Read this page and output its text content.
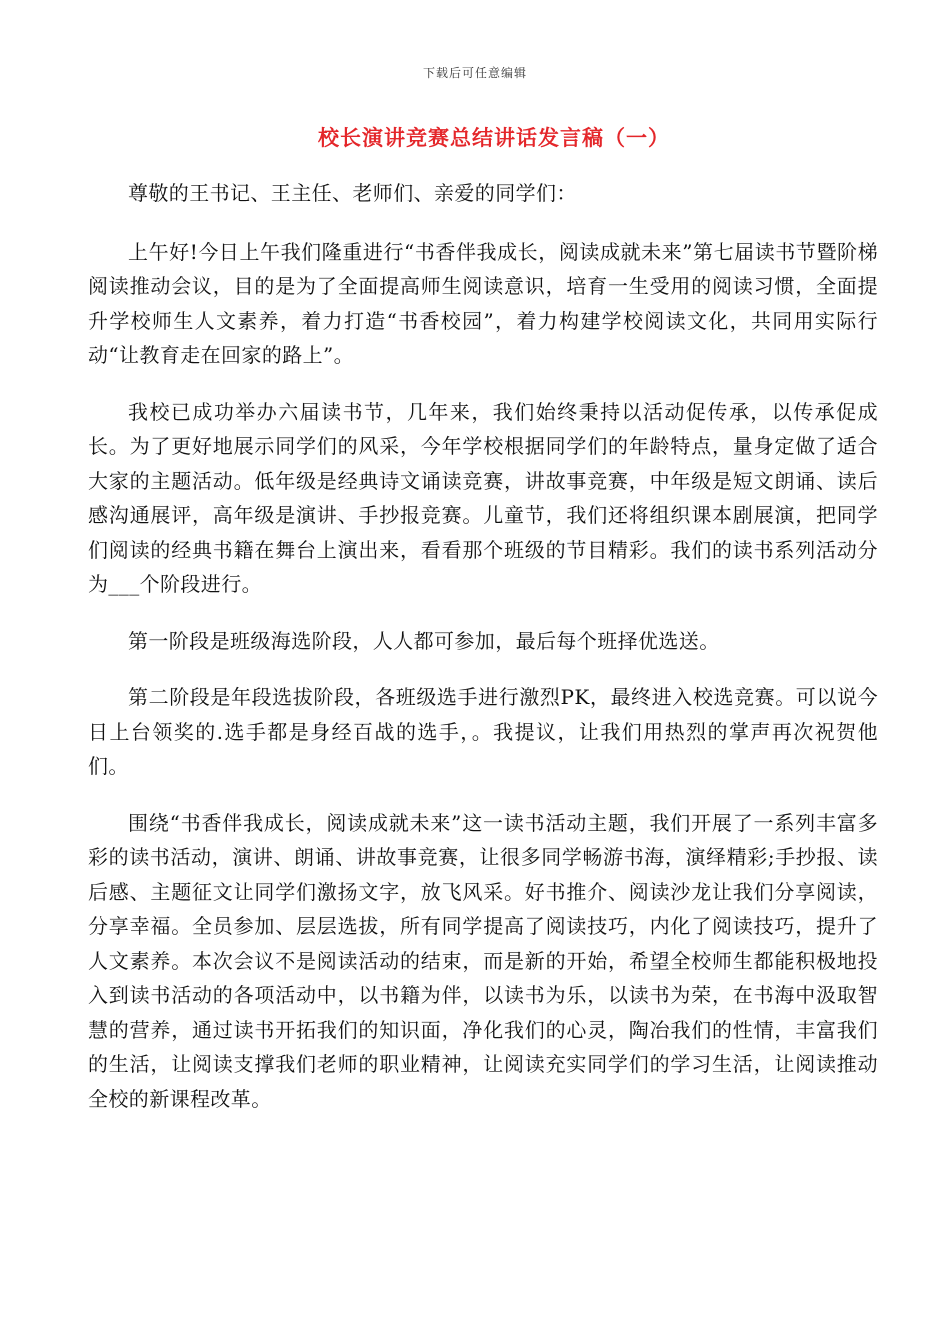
下载后可任意编辑
校长演讲竞赛总结讲话发言稿（一）

尊敬的王书记、王主任、老师们、亲爱的同学们：

上午好!今日上午我们隆重进行“书香伴我成长，阅读成就未来”第七届读书节暨阶梯阅读推动会议，目的是为了全面提高师生阅读意识，培育一生受用的阅读习惯，全面提升学校师生人文素养，着力打造“书香校园”，着力构建学校阅读文化，共同用实际行动“让教育走在回家的路上”。

我校已成功举办六届读书节，几年来，我们始终秉持以活动促传承，以传承促成长。为了更好地展示同学们的风采，今年学校根据同学们的年龄特点，量身定做了适合大家的主题活动。低年级是经典诗文诵读竞赛，讲故事竞赛，中年级是短文朗诵、读后感沟通展评，高年级是演讲、手抄报竞赛。儿童节，我们还将组织课本剧展演，把同学们阅读的经典书籍在舞台上演出来，看看那个班级的节目精彩。我们的读书系列活动分为___个阶段进行。

第一阶段是班级海选阶段，人人都可参加，最后每个班择优选送。

第二阶段是年段选拔阶段，各班级选手进行激烈PK，最终进入校选竞赛。可以说今日上台领奖的.选手都是身经百战的选手，。我提议，让我们用热烈的掌声再次祝贺他们。

围绕“书香伴我成长，阅读成就未来”这一读书活动主题，我们开展了一系列丰富多彩的读书活动，演讲、朗诵、讲故事竞赛，让很多同学畅游书海，演绎精彩;手抄报、读后感、主题征文让同学们激扬文字，放飞风采。好书推介、阅读沙龙让我们分享阅读，分享幸福。全员参加、层层选拔，所有同学提高了阅读技巧，内化了阅读技巧，提升了人文素养。本次会议不是阅读活动的结束，而是新的开始，希望全校师生都能积极地投入到读书活动的各项活动中，以书籍为伴，以读书为乐，以读书为荣，在书海中汲取智慧的营养，通过读书开拓我们的知识面，净化我们的心灵，陶冶我们的性情，丰富我们的生活，让阅读支撑我们老师的职业精神，让阅读充实同学们的学习生活，让阅读推动全校的新课程改革。
